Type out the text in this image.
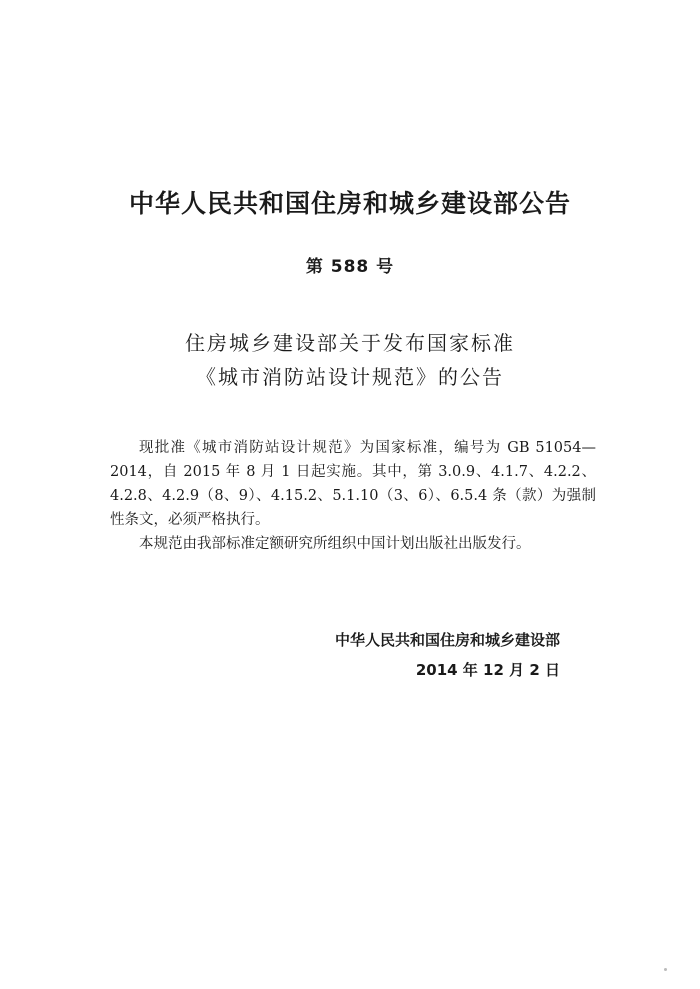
中华人民共和国住房和城乡建设部公告
第 588 号
住房城乡建设部关于发布国家标准
《城市消防站设计规范》的公告

现批准《城市消防站设计规范》为国家标准，编号为 GB 51054—2014，自 2015 年 8 月 1 日起实施。其中，第 3.0.9、4.1.7、4.2.2、4.2.8、4.2.9（8、9）、4.15.2、5.1.10（3、6）、6.5.4 条（款）为强制性条文，必须严格执行。

本规范由我部标准定额研究所组织中国计划出版社出版发行。

中华人民共和国住房和城乡建设部
2014 年 12 月 2 日
